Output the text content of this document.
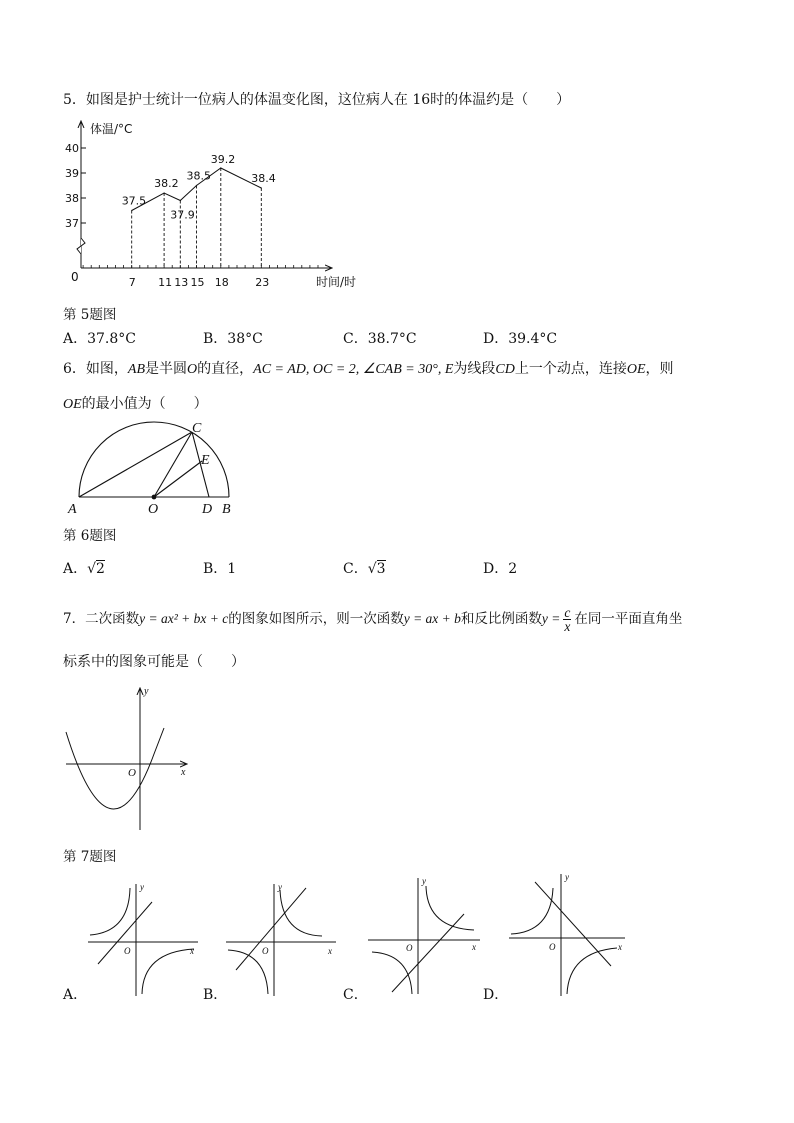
5．如图是护士统计一位病人的体温变化图，这位病人在 16时的体温约是（　　）
37
38
39
40
7 11 13 15 18 23
37.5
38.2
37.9
38.5
39.2
38.4
体温/°C
时间/时
0
第 5题图
A．37.8°C	B．38°C	C．38.7°C	D．39.4°C
6．如图，AB是半圆O的直径，AC = AD, OC = 2, ∠CAB = 30°, E为线段CD上一个动点，连接OE，则
OE的最小值为（　　）
A	O	D B
C
E
第 6题图
A．√2	B．1	C．√3	D．2
7．二次函数y = ax² + bx + c的图象如图所示，则一次函数y = ax + b和反比例函数$y = \frac{c}{x}$ 在同一平面直角坐
标系中的图象可能是（　　）
y
x
O
第 7题图
y
x
O
y
x
O
y
x
O
y
x
O
A．	B．	C．	D．
